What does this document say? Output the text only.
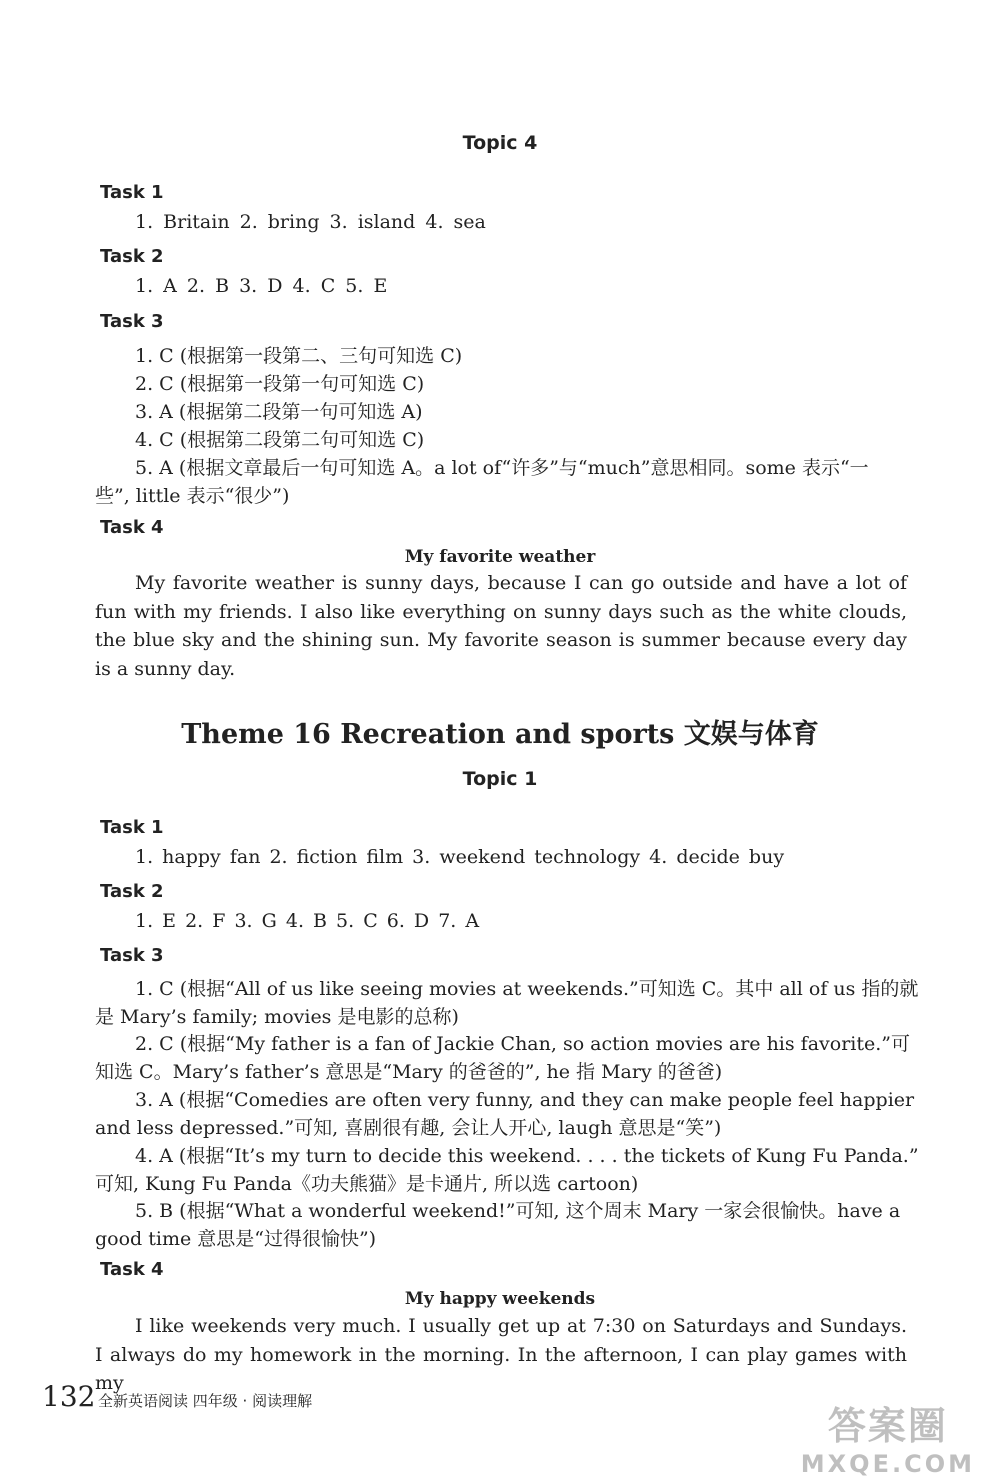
Topic 4
Task 1
1. Britain 2. bring 3. island 4. sea
Task 2
1. A 2. B 3. D 4. C 5. E
Task 3
1. C (根据第一段第二、三句可知选 C)
2. C (根据第一段第一句可知选 C)
3. A (根据第二段第一句可知选 A)
4. C (根据第二段第二句可知选 C)
5. A (根据文章最后一句可知选 A。a lot of“许多”与“much”意思相同。some 表示“一
些”, little 表示“很少”)
Task 4
My favorite weather
My favorite weather is sunny days, because I can go outside and have a lot of fun with my friends. I also like everything on sunny days such as the white clouds, the blue sky and the shining sun. My favorite season is summer because every day is a sunny day.
Theme 16 Recreation and sports 文娱与体育
Topic 1
Task 1
1. happy fan 2. fiction film 3. weekend technology 4. decide buy
Task 2
1. E 2. F 3. G 4. B 5. C 6. D 7. A
Task 3
1. C (根据“All of us like seeing movies at weekends.”可知选 C。其中 all of us 指的就
是 Mary’s family; movies 是电影的总称)
2. C (根据“My father is a fan of Jackie Chan, so action movies are his favorite.”可
知选 C。Mary’s father’s 意思是“Mary 的爸爸的”, he 指 Mary 的爸爸)
3. A (根据“Comedies are often very funny, and they can make people feel happier
and less depressed.”可知, 喜剧很有趣, 会让人开心, laugh 意思是“笑”)
4. A (根据“It’s my turn to decide this weekend. . . . the tickets of Kung Fu Panda.”
可知, Kung Fu Panda《功夫熊猫》是卡通片, 所以选 cartoon)
5. B (根据“What a wonderful weekend!”可知, 这个周末 Mary 一家会很愉快。have a
good time 意思是“过得很愉快”)
Task 4
My happy weekends
I like weekends very much. I usually get up at 7:30 on Saturdays and Sundays. I always do my homework in the morning. In the afternoon, I can play games with my
132 全新英语阅读 四年级 · 阅读理解
答案圈
MXQE.COM
